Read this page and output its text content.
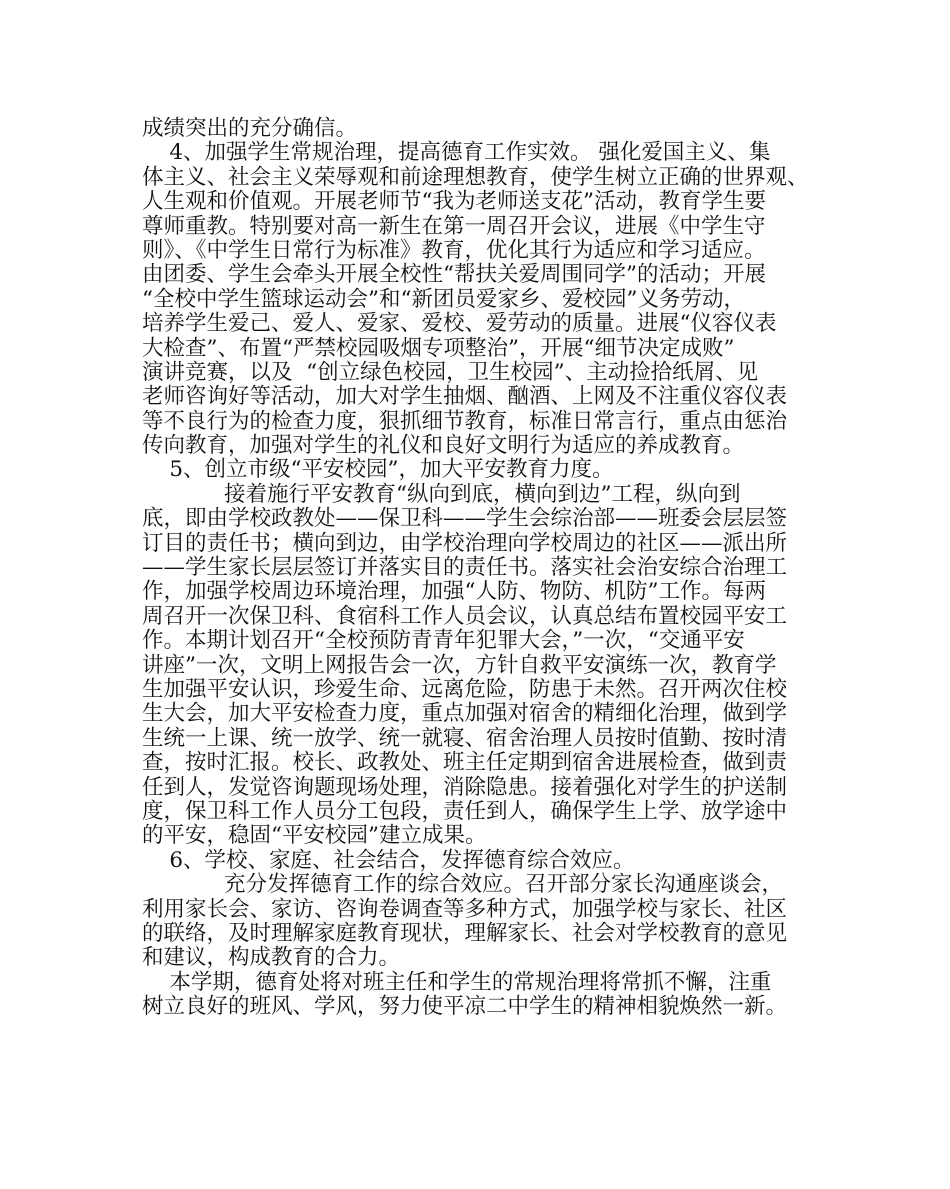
成绩突出的充分确信。
4、加强学生常规治理，提高德育工作实效。 强化爱国主义、集
体主义、社会主义荣辱观和前途理想教育，使学生树立正确的世界观、
人生观和价值观。开展老师节“我为老师送支花”活动，教育学生要
尊师重教。特别要对高一新生在第一周召开会议，进展《中学生守
则》、《中学生日常行为标准》教育，优化其行为适应和学习适应。
由团委、学生会牵头开展全校性“帮扶关爱周围同学”的活动；开展
“全校中学生篮球运动会”和“新团员爱家乡、爱校园”义务劳动，
培养学生爱己、爱人、爱家、爱校、爱劳动的质量。进展“仪容仪表
大检查”、布置“严禁校园吸烟专项整治”，开展“细节决定成败”
演讲竞赛，以及  “创立绿色校园，卫生校园”、主动捡拾纸屑、见
老师咨询好等活动，加大对学生抽烟、酗酒、上网及不注重仪容仪表
等不良行为的检查力度，狠抓细节教育，标准日常言行，重点由惩治
传向教育，加强对学生的礼仪和良好文明行为适应的养成教育。
5、创立市级“平安校园”，加大平安教育力度。
接着施行平安教育“纵向到底，横向到边”工程，纵向到
底，即由学校政教处——保卫科——学生会综治部——班委会层层签
订目的责任书；横向到边，由学校治理向学校周边的社区——派出所
——学生家长层层签订并落实目的责任书。落实社会治安综合治理工
作，加强学校周边环境治理，加强“人防、物防、机防”工作。每两
周召开一次保卫科、食宿科工作人员会议，认真总结布置校园平安工
作。本期计划召开“全校预防青青年犯罪大会，”一次，“交通平安
讲座”一次，文明上网报告会一次，方针自救平安演练一次，教育学
生加强平安认识，珍爱生命、远离危险，防患于未然。召开两次住校
生大会，加大平安检查力度，重点加强对宿舍的精细化治理，做到学
生统一上课、统一放学、统一就寝、宿舍治理人员按时值勤、按时清
查，按时汇报。校长、政教处、班主任定期到宿舍进展检查，做到责
任到人，发觉咨询题现场处理，消除隐患。接着强化对学生的护送制
度，保卫科工作人员分工包段，责任到人，确保学生上学、放学途中
的平安，稳固“平安校园”建立成果。
6、学校、家庭、社会结合，发挥德育综合效应。
充分发挥德育工作的综合效应。召开部分家长沟通座谈会，
利用家长会、家访、咨询卷调查等多种方式，加强学校与家长、社区
的联络，及时理解家庭教育现状，理解家长、社会对学校教育的意见
和建议，构成教育的合力。
本学期，德育处将对班主任和学生的常规治理将常抓不懈，注重
树立良好的班风、学风，努力使平凉二中学生的精神相貌焕然一新。
